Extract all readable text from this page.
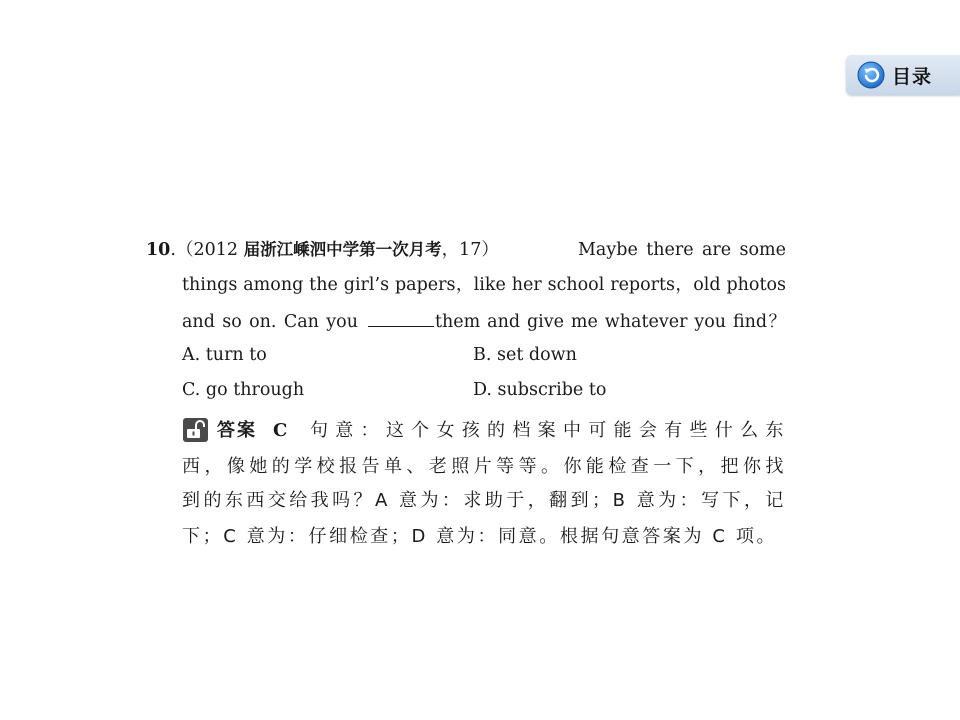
目录
10.（2012 届浙江嵊泗中学第一次月考，17）	Maybe there are some
things among the girl’s papers，like her school reports，old photos
and so on. Can you	them and give me whatever you find？
A. turn to	B. set down
C. go through	D. subscribe to
答案 C 句意：这个女孩的档案中可能会有些什么东
西，像她的学校报告单、老照片等等。你能检查一下，把你找
到的东西交给我吗？A 意为：求助于，翻到；B 意为：写下，记
下；C 意为：仔细检查；D 意为：同意。根据句意答案为 C 项。
